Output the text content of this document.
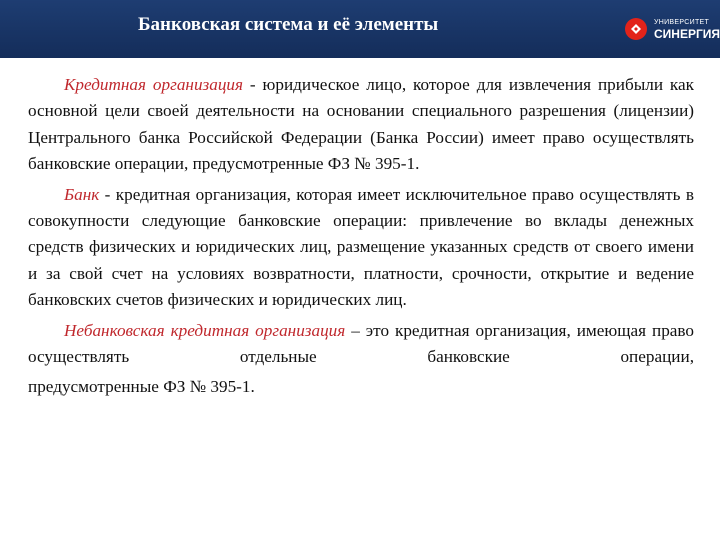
Банковская система и её элементы	УНИВЕРСИТЕТ
СИНЕРГИЯ

Кредитная организация - юридическое лицо, которое для извлечения прибыли как основной цели своей деятельности на основании специального разрешения (лицензии) Центрального банка Российской Федерации (Банка России) имеет право осуществлять банковские операции, предусмотренные ФЗ № 395-1.

Банк - кредитная организация, которая имеет исключительное право осуществлять в совокупности следующие банковские операции: привлечение во вклады денежных средств физических и юридических лиц, размещение указанных средств от своего имени и за свой счет на условиях возвратности, платности, срочности, открытие и ведение банковских счетов физических и юридических лиц.

Небанковская кредитная организация – это кредитная организация, имеющая право осуществлять отдельные банковские операции,

предусмотренные ФЗ № 395-1.
